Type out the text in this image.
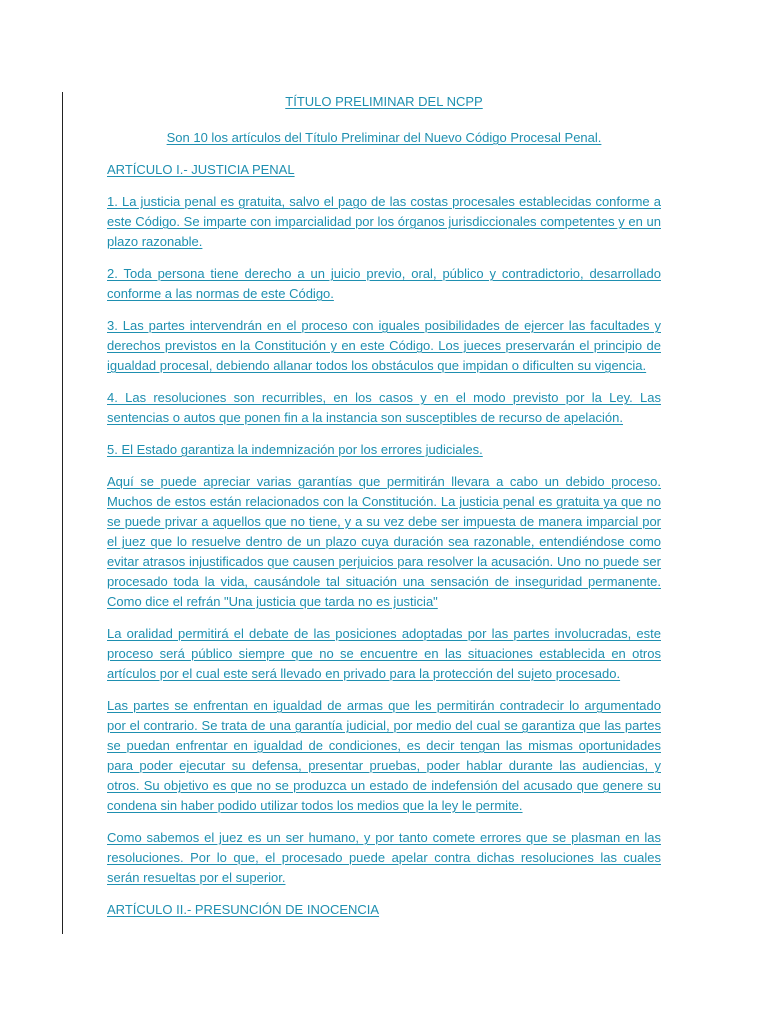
TÍTULO PRELIMINAR DEL NCPP

Son 10 los artículos del Título Preliminar del Nuevo Código Procesal Penal.

ARTÍCULO I.- JUSTICIA PENAL

1. La justicia penal es gratuita, salvo el pago de las costas procesales establecidas conforme a este Código. Se imparte con imparcialidad por los órganos jurisdiccionales competentes y en un plazo razonable.

2. Toda persona tiene derecho a un juicio previo, oral, público y contradictorio, desarrollado conforme a las normas de este Código.

3. Las partes intervendrán en el proceso con iguales posibilidades de ejercer las facultades y derechos previstos en la Constitución y en este Código. Los jueces preservarán el principio de igualdad procesal, debiendo allanar todos los obstáculos que impidan o dificulten su vigencia.

4. Las resoluciones son recurribles, en los casos y en el modo previsto por la Ley. Las sentencias o autos que ponen fin a la instancia son susceptibles de recurso de apelación.

5. El Estado garantiza la indemnización por los errores judiciales.

Aquí se puede apreciar varias garantías que permitirán llevara a cabo un debido proceso. Muchos de estos están relacionados con la Constitución. La justicia penal es gratuita ya que no se puede privar a aquellos que no tiene, y a su vez debe ser impuesta de manera imparcial por el juez que lo resuelve dentro de un plazo cuya duración sea razonable, entendiéndose como evitar atrasos injustificados que causen perjuicios para resolver la acusación. Uno no puede ser procesado toda la vida, causándole tal situación una sensación de inseguridad permanente. Como dice el refrán "Una justicia que tarda no es justicia"

La oralidad permitirá el debate de las posiciones adoptadas por las partes involucradas, este proceso será público siempre que no se encuentre en las situaciones establecida en otros artículos por el cual este será llevado en privado para la protección del sujeto procesado.

Las partes se enfrentan en igualdad de armas que les permitirán contradecir lo argumentado por el contrario. Se trata de una garantía judicial, por medio del cual se garantiza que las partes se puedan enfrentar en igualdad de condiciones, es decir tengan las mismas oportunidades para poder ejecutar su defensa, presentar pruebas, poder hablar durante las audiencias, y otros. Su objetivo es que no se produzca un estado de indefensión del acusado que genere su condena sin haber podido utilizar todos los medios que la ley le permite.

Como sabemos el juez es un ser humano, y por tanto comete errores que se plasman en las resoluciones. Por lo que, el procesado puede apelar contra dichas resoluciones las cuales serán resueltas por el superior.

ARTÍCULO II.- PRESUNCIÓN DE INOCENCIA
